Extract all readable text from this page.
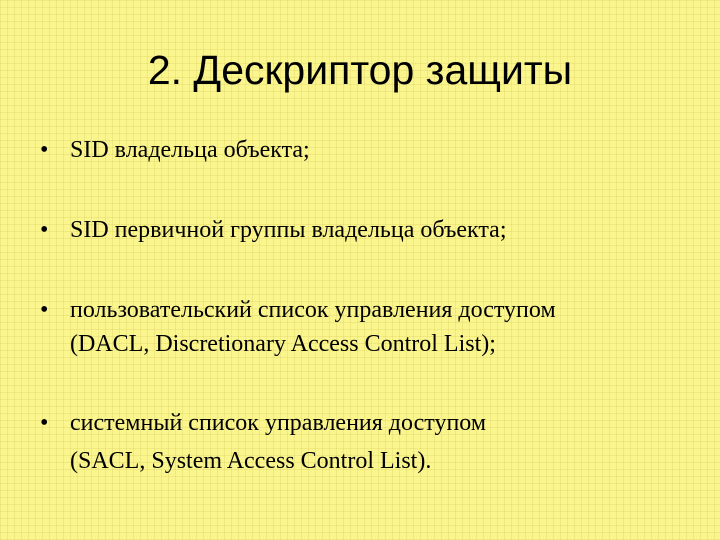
2. Дескриптор защиты
• SID владельца объекта;
• SID первичной группы владельца объекта;
• пользовательский список управления доступом
(DACL, Discretionary Access Control List);
• системный список управления доступом
(SACL, System Access Control List).
